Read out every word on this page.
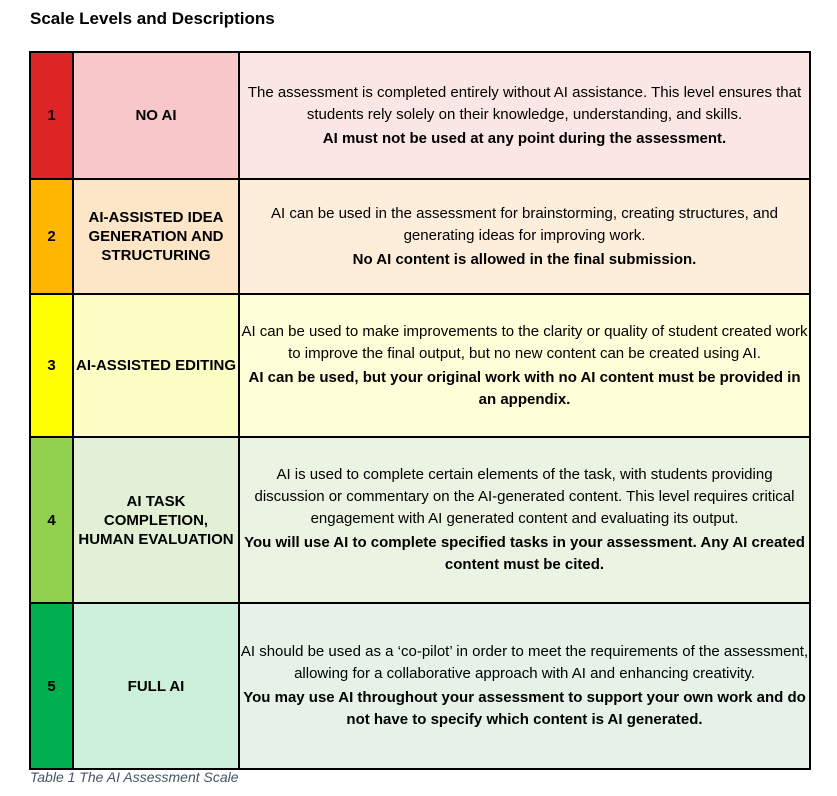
Scale Levels and Descriptions
1	NO AI	The assessment is completed entirely without AI assistance. This level ensures that students rely solely on their knowledge, understanding, and skills.
AI must not be used at any point during the assessment.

2	AI-ASSISTED IDEA GENERATION AND STRUCTURING	AI can be used in the assessment for brainstorming, creating structures, and generating ideas for improving work.
No AI content is allowed in the final submission.

3	AI-ASSISTED EDITING	AI can be used to make improvements to the clarity or quality of student created work to improve the final output, but no new content can be created using AI.
AI can be used, but your original work with no AI content must be provided in an appendix.

4	AI TASK COMPLETION, HUMAN EVALUATION	AI is used to complete certain elements of the task, with students providing discussion or commentary on the AI-generated content. This level requires critical engagement with AI generated content and evaluating its output.
You will use AI to complete specified tasks in your assessment. Any AI created content must be cited.

5	FULL AI	AI should be used as a ‘co-pilot’ in order to meet the requirements of the assessment, allowing for a collaborative approach with AI and enhancing creativity.
You may use AI throughout your assessment to support your own work and do not have to specify which content is AI generated.
Table 1 The AI Assessment Scale
